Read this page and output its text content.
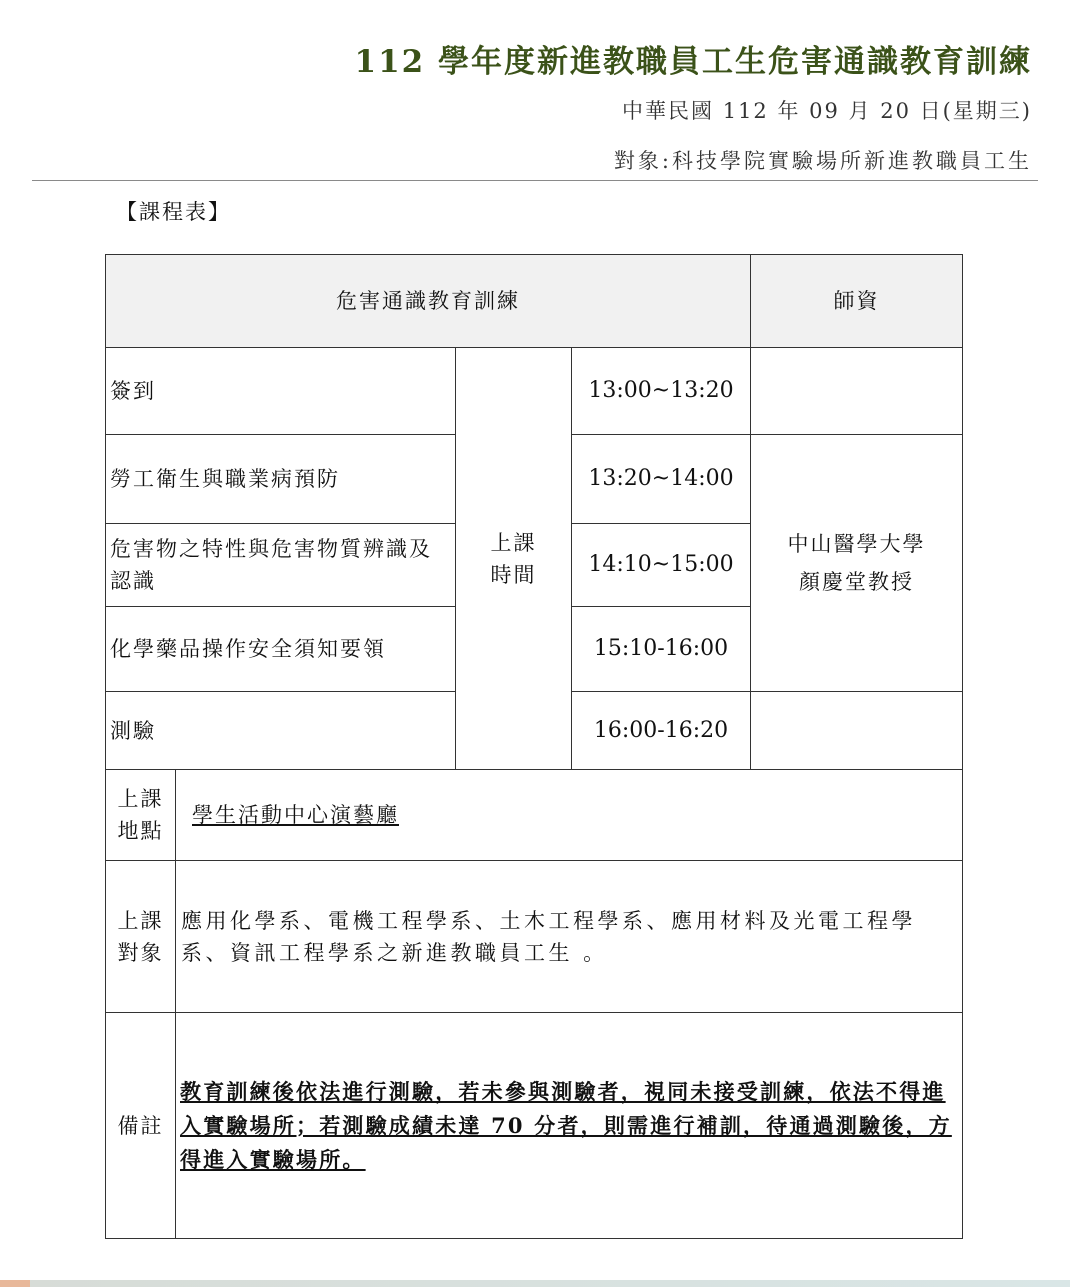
112 學年度新進教職員工生危害通識教育訓練
中華民國 112 年 09 月 20 日(星期三)
對象:科技學院實驗場所新進教職員工生
【課程表】
危害通識教育訓練	師資
簽到
勞工衛生與職業病預防
危害物之特性與危害物質辨識及認識
化學藥品操作安全須知要領
測驗
上課時間
13:00~13:20
13:20~14:00
14:10~15:00
15:10-16:00
16:00-16:20
中山醫學大學顏慶堂教授
上課地點
學生活動中心演藝廳
上課對象
應用化學系、電機工程學系、土木工程學系、應用材料及光電工程學系、資訊工程學系之新進教職員工生 。
備註
教育訓練後依法進行測驗，若未參與測驗者，視同未接受訓練，依法不得進入實驗場所；若測驗成績未達 70 分者，則需進行補訓，待通過測驗後，方得進入實驗場所。
